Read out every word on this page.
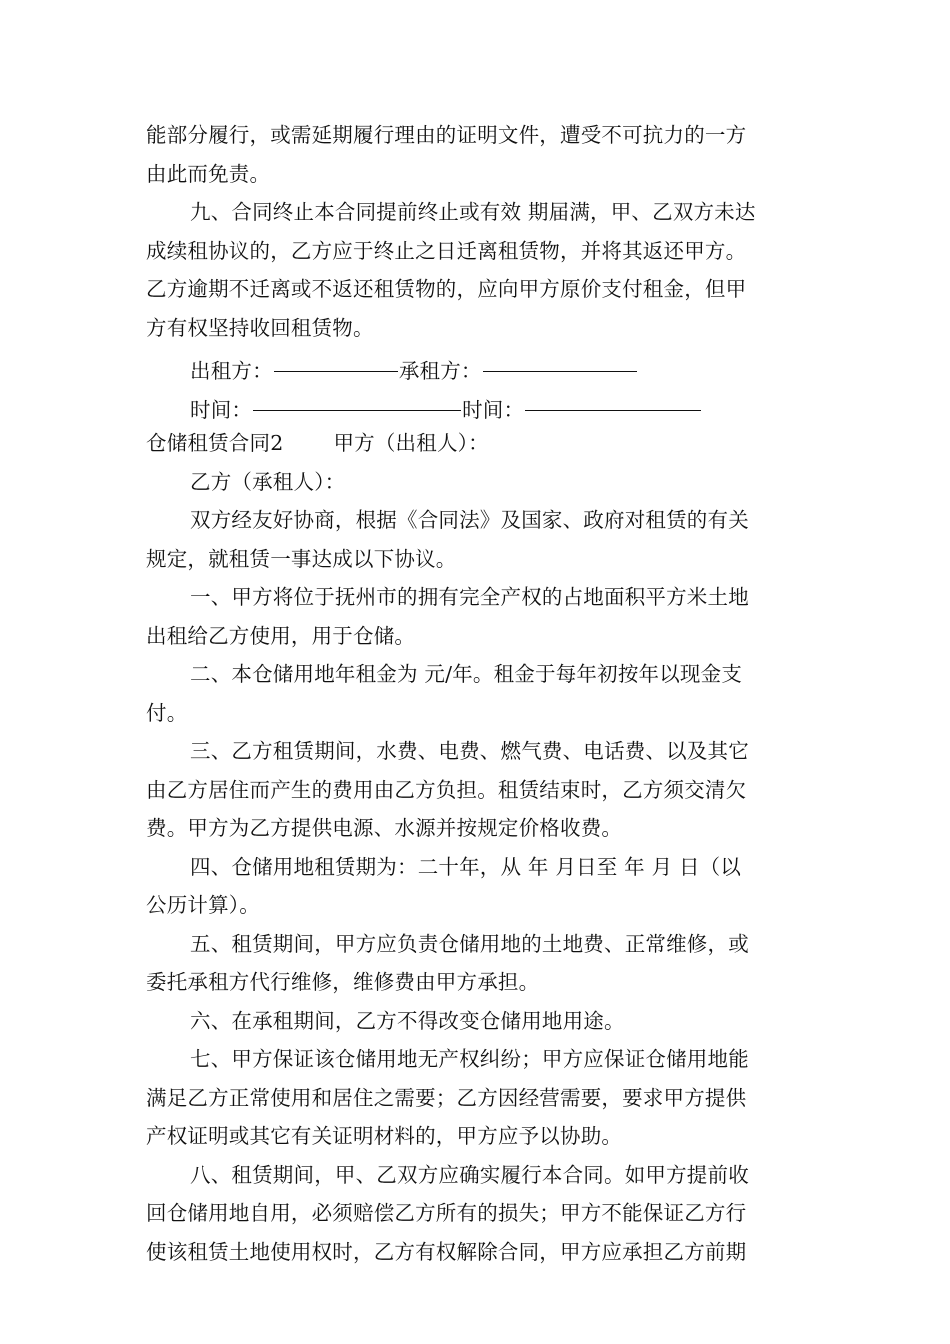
能部分履行，或需延期履行理由的证明文件，遭受不可抗力的一方
由此而免责。
九、合同终止本合同提前终止或有效 期届满，甲、乙双方未达
成续租协议的，乙方应于终止之日迁离租赁物，并将其返还甲方。
乙方逾期不迁离或不返还租赁物的，应向甲方原价支付租金，但甲
方有权坚持收回租赁物。
出租方：	承租方：
时间：	时间：
仓储租赁合同2 甲方（出租人）：
乙方（承租人）：
双方经友好协商，根据《合同法》及国家、政府对租赁的有关
规定，就租赁一事达成以下协议。
一、甲方将位于抚州市的拥有完全产权的占地面积平方米土地
出租给乙方使用，用于仓储。
二、本仓储用地年租金为 元/年。租金于每年初按年以现金支
付。
三、乙方租赁期间，水费、电费、燃气费、电话费、以及其它
由乙方居住而产生的费用由乙方负担。租赁结束时，乙方须交清欠
费。甲方为乙方提供电源、水源并按规定价格收费。
四、仓储用地租赁期为：二十年，从 年 月日至 年 月 日（以
公历计算）。
五、租赁期间，甲方应负责仓储用地的土地费、正常维修，或
委托承租方代行维修，维修费由甲方承担。
六、在承租期间，乙方不得改变仓储用地用途。
七、甲方保证该仓储用地无产权纠纷；甲方应保证仓储用地能
满足乙方正常使用和居住之需要；乙方因经营需要，要求甲方提供
产权证明或其它有关证明材料的，甲方应予以协助。
八、租赁期间，甲、乙双方应确实履行本合同。如甲方提前收
回仓储用地自用，必须赔偿乙方所有的损失；甲方不能保证乙方行
使该租赁土地使用权时，乙方有权解除合同，甲方应承担乙方前期
